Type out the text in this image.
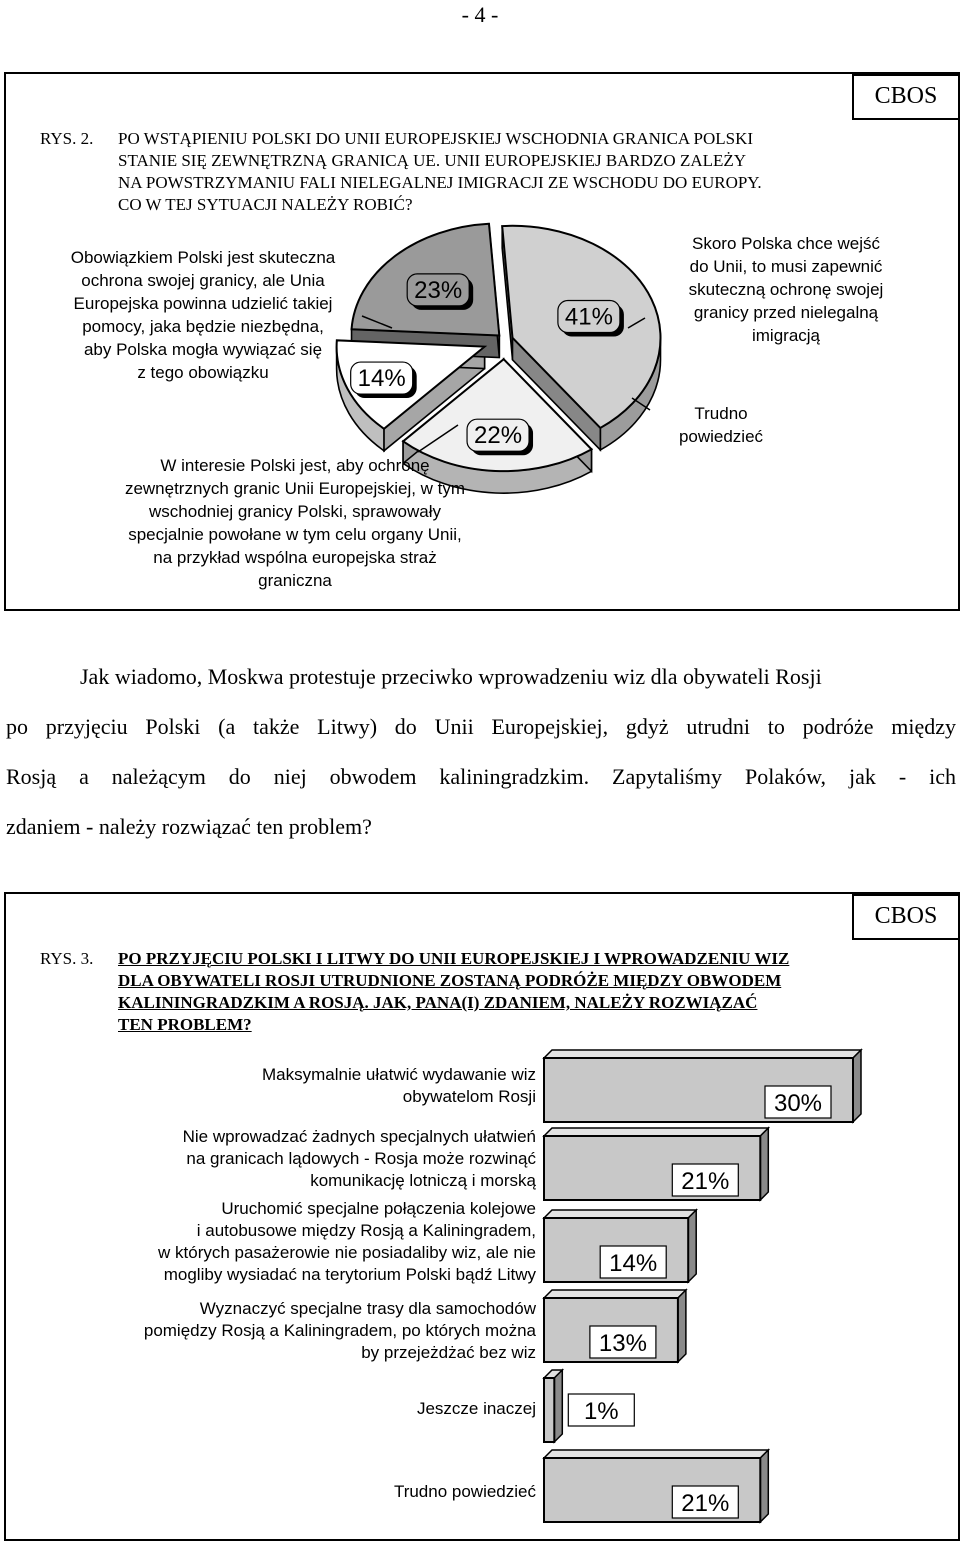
- 4 -
CBOS
RYS. 2. PO WSTĄPIENIU POLSKI DO UNII EUROPEJSKIEJ WSCHODNIA GRANICA POLSKI
STANIE SIĘ ZEWNĘTRZNĄ GRANICĄ UE. UNII EUROPEJSKIEJ BARDZO ZALEŻY
NA POWSTRZYMANIU FALI NIELEGALNEJ IMIGRACJI ZE WSCHODU DO EUROPY.
CO W TEJ SYTUACJI NALEŻY ROBIĆ?
41%
22%
14%
23%
Obowiązkiem Polski jest skuteczna
ochrona swojej granicy, ale Unia
Europejska powinna udzielić takiej
pomocy, jaka będzie niezbędna,
aby Polska mogła wywiązać się
z tego obowiązku
Skoro Polska chce wejść
do Unii, to musi zapewnić
skuteczną ochronę swojej
granicy przed nielegalną
imigracją
Trudno
powiedzieć
W interesie Polski jest, aby ochronę
zewnętrznych granic Unii Europejskiej, w tym
wschodniej granicy Polski, sprawowały
specjalnie powołane w tym celu organy Unii,
na przykład wspólna europejska straż
graniczna
Jak wiadomo, Moskwa protestuje przeciwko wprowadzeniu wiz dla obywateli Rosji
po przyjęciu Polski (a także Litwy) do Unii Europejskiej, gdyż utrudni to podróże między
Rosją a należącym do niej obwodem kaliningradzkim. Zapytaliśmy Polaków, jak - ich
zdaniem - należy rozwiązać ten problem?
CBOS
RYS. 3. PO PRZYJĘCIU POLSKI I LITWY DO UNII EUROPEJSKIEJ I WPROWADZENIU WIZ
DLA OBYWATELI ROSJI UTRUDNIONE ZOSTANĄ PODRÓŻE MIĘDZY OBWODEM
KALININGRADZKIM A ROSJĄ. JAK, PANA(I) ZDANIEM, NALEŻY ROZWIĄZAĆ
TEN PROBLEM?
Maksymalnie ułatwić wydawanie wiz
obywatelom Rosji
Nie wprowadzać żadnych specjalnych ułatwień
na granicach lądowych - Rosja może rozwinąć
komunikację lotniczą i morską
Uruchomić specjalne połączenia kolejowe
i autobusowe między Rosją a Kaliningradem,
w których pasażerowie nie posiadaliby wiz, ale nie
mogliby wysiadać na terytorium Polski bądź Litwy
Wyznaczyć specjalne trasy dla samochodów
pomiędzy Rosją a Kaliningradem, po których można
by przejeżdżać bez wiz
Jeszcze inaczej
Trudno powiedzieć
30%
21%
14%
13%
1%
21%
